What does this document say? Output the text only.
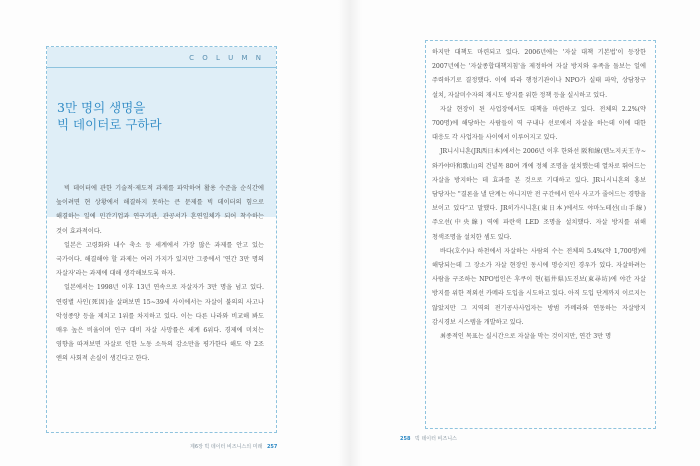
C O L U M N
3만 명의 생명을
빅 데이터로 구하라

빅 데이터에 관한 기술적·제도적 과제를 파악하여 활용 수준을 순식간에 높이려면 현 상황에서 해결하지 못하는 큰 문제를 빅 데이터의 힘으로 해결하는 일에 민간기업과 연구기관, 관공서가 혼연일체가 되어 착수하는 것이 효과적이다.

일본은 고령화와 내수 축소 등 세계에서 가장 많은 과제를 안고 있는 국가이다. 해결해야 할 과제는 여러 가지가 있지만 그중에서 '연간 3만 명의 자살자'라는 과제에 대해 생각해보도록 하자.

일본에서는 1998년 이후 13년 연속으로 자살자가 3만 명을 넘고 있다. 연령별 사인(死因)을 살펴보면 15~39세 사이에서는 자살이 불의의 사고나 악성종양 등을 제치고 1위를 차지하고 있다. 이는 다른 나라와 비교해 봐도 매우 높은 비율이며 인구 대비 자살 사망률은 세계 6위다. 경제에 미치는 영향을 따져보면 자살로 인한 노동 소득의 감소만을 평가한다 해도 약 2조 엔의 사회적 손실이 생긴다고 한다.

하지만 대책도 마련되고 있다. 2006년에는 '자살 대책 기본법'이 등장한 2007년에는 '자살종합대책지침'을 제정하여 자살 방지와 유족을 돌보는 일에 주력하기로 결정했다. 이에 따라 행정기관이나 NPO가 실태 파악, 상담창구 설치, 자살미수자의 재시도 방지를 위한 정책 등을 실시하고 있다.

자살 현장이 된 사업장에서도 대책을 마련하고 있다. 전체의 2.2%(약 700명)에 해당하는 사람들이 역 구내나 선로에서 자살을 하는데 이에 대한 대응도 각 사업자들 사이에서 이루어지고 있다.

JR니시니혼(JR西日本)에서는 2006년 이후 한와선 阪和線(텐노지天王寺~와카야마和歌山)의 건널목 80여 개에 정체 조명을 설치했는데 열차로 뛰어드는 자살을 방지하는 데 효과를 본 것으로 기대하고 있다. JR니시니혼의 홍보 담당자는 "결론을 낼 단계는 아니지만 전 구간에서 인사 사고가 줄어드는 경향을 보이고 있다"고 말했다. JR히가시니혼(東日本)에서도 야마노테선(山手線) 주오선(中央線) 역에 파란색 LED 조명을 설치했다. 자살 방지를 위해 청색조명을 설치한 셈도 있다.

바다(호수)나 하천에서 자살하는 사람의 수는 전체의 5.4%(약 1,700명)에 해당되는데 그 장소가 자살 현장인 동시에 명승지인 경우가 있다. 자살하려는 사람을 구조하는 NPO법인은 후쿠이 현(福井県)도진보(東尋坊)에 야간 자살 방지를 위한 적외선 카메라 도입을 시도하고 있다. 아직 도입 단계까지 이르지는 않았지만 그 지역의 전기공사사업자는 방범 카메라와 연동하는 자살방지 감시경보 시스템을 개발하고 있다.

최종적인 목표는 실시간으로 자살을 막는 것이지만, 연간 3만 명

제6장 빅 데이터 비즈니스의 미래 257
258 빅 데이터 비즈니스
